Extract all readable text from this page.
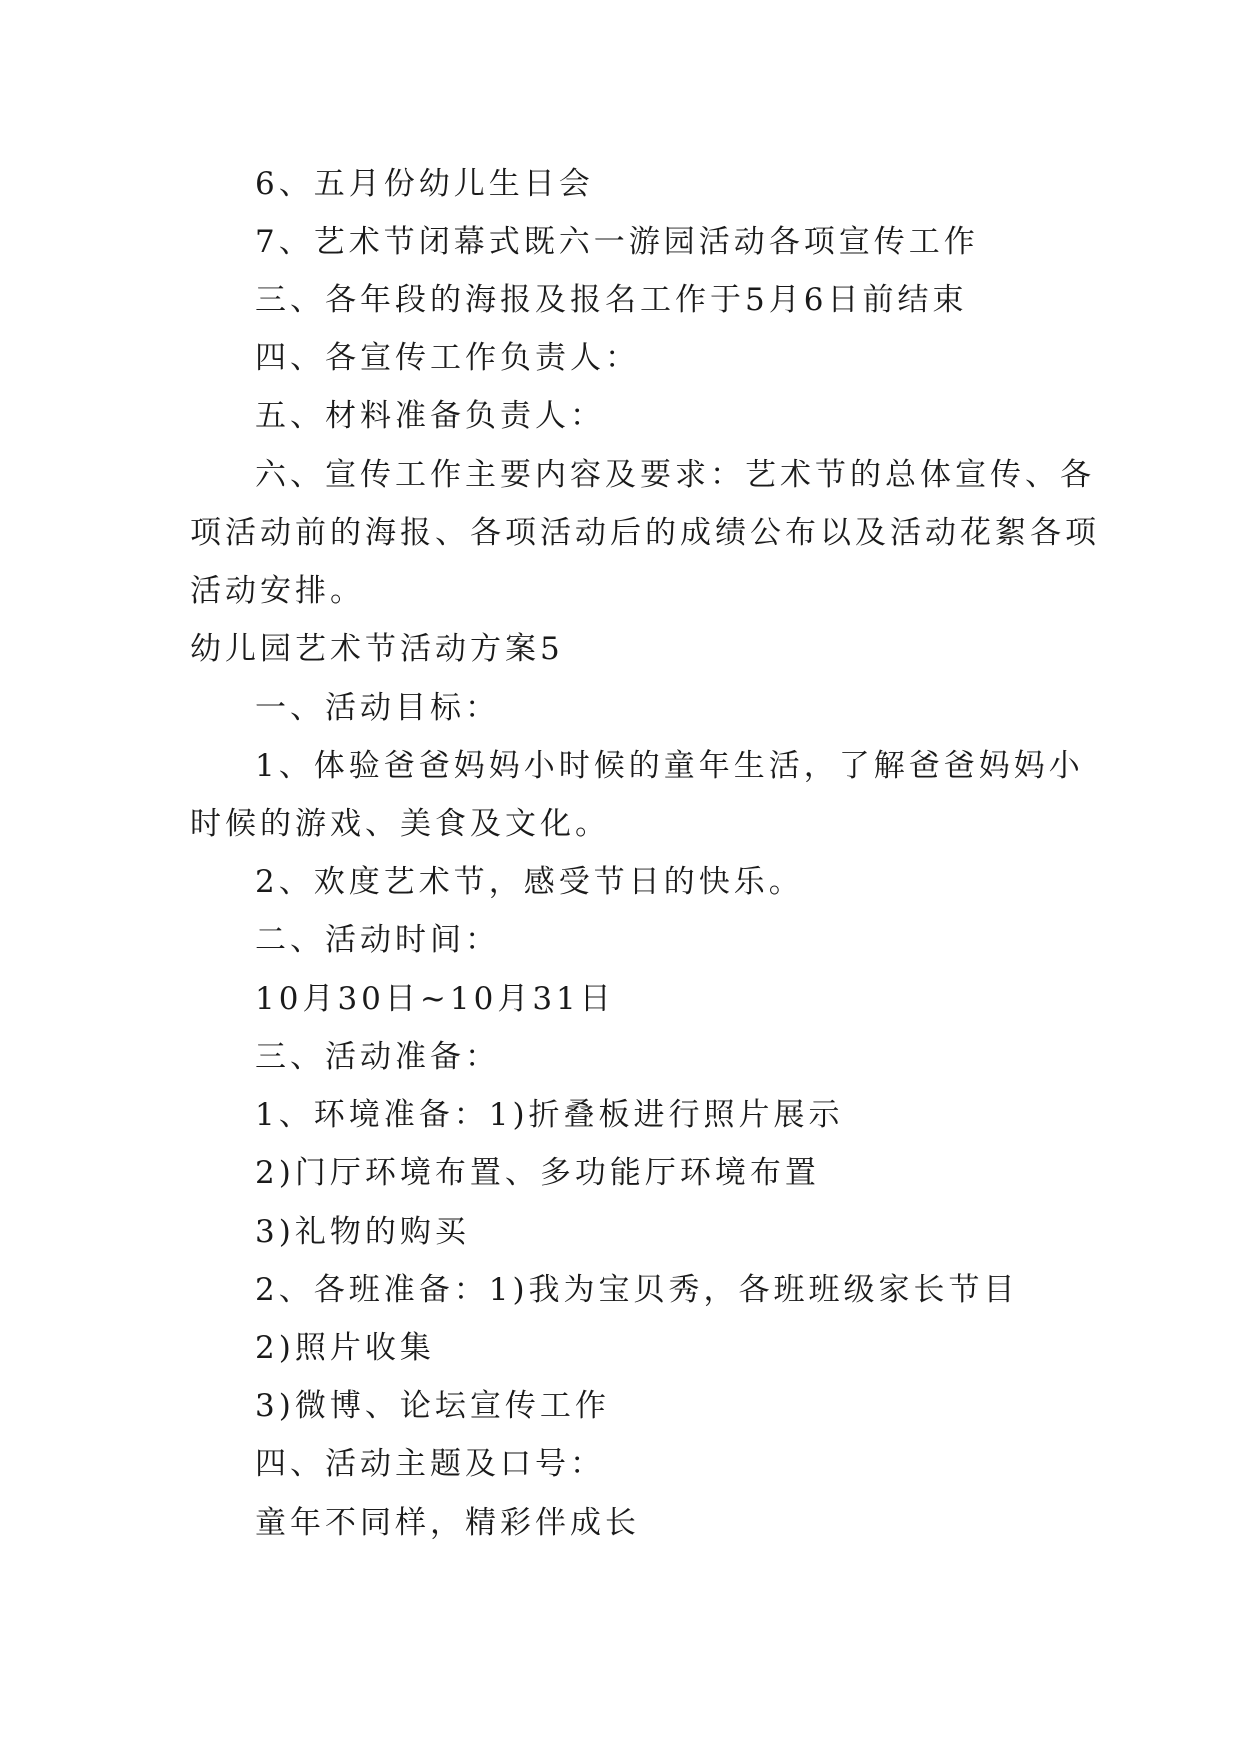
6、五月份幼儿生日会
7、艺术节闭幕式既六一游园活动各项宣传工作
三、各年段的海报及报名工作于5月6日前结束
四、各宣传工作负责人：
五、材料准备负责人：
六、宣传工作主要内容及要求：艺术节的总体宣传、各
项活动前的海报、各项活动后的成绩公布以及活动花絮各项
活动安排。
幼儿园艺术节活动方案5
一、活动目标：
1、体验爸爸妈妈小时候的童年生活，了解爸爸妈妈小
时候的游戏、美食及文化。
2、欢度艺术节，感受节日的快乐。
二、活动时间：
10月30日~10月31日
三、活动准备：
1、环境准备：1)折叠板进行照片展示
2)门厅环境布置、多功能厅环境布置
3)礼物的购买
2、各班准备：1)我为宝贝秀，各班班级家长节目
2)照片收集
3)微博、论坛宣传工作
四、活动主题及口号：
童年不同样，精彩伴成长
